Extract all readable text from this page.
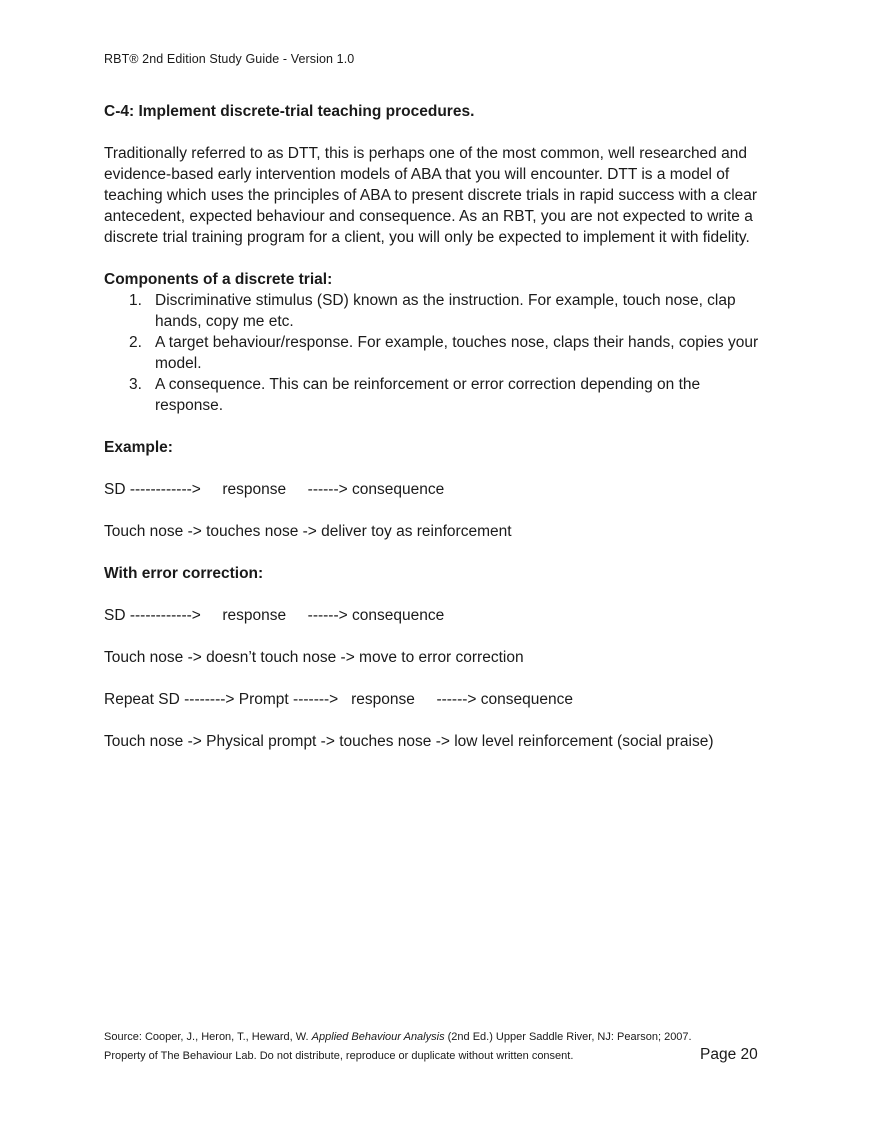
RBT® 2nd Edition Study Guide - Version 1.0

C-4: Implement discrete-trial teaching procedures.

Traditionally referred to as DTT, this is perhaps one of the most common, well researched and

evidence-based early intervention models of ABA that you will encounter. DTT is a model of

teaching which uses the principles of ABA to present discrete trials in rapid success with a clear

antecedent, expected behaviour and consequence. As an RBT, you are not expected to write a

discrete trial training program for a client, you will only be expected to implement it with fidelity.

Components of a discrete trial:

1. Discriminative stimulus (SD) known as the instruction. For example, touch nose, clap
hands, copy me etc.
2. A target behaviour/response. For example, touches nose, claps their hands, copies your
model.
3. A consequence. This can be reinforcement or error correction depending on the
response.

Example:

SD ------------>     response     ------> consequence

Touch nose -> touches nose -> deliver toy as reinforcement

With error correction:

SD ------------>     response     ------> consequence

Touch nose -> doesn’t touch nose -> move to error correction

Repeat SD --------> Prompt ------->   response     ------> consequence

Touch nose -> Physical prompt -> touches nose -> low level reinforcement (social praise)

Source: Cooper, J., Heron, T., Heward, W. Applied Behaviour Analysis (2nd Ed.) Upper Saddle River, NJ: Pearson; 2007.
Property of The Behaviour Lab. Do not distribute, reproduce or duplicate without written consent.	Page 20
